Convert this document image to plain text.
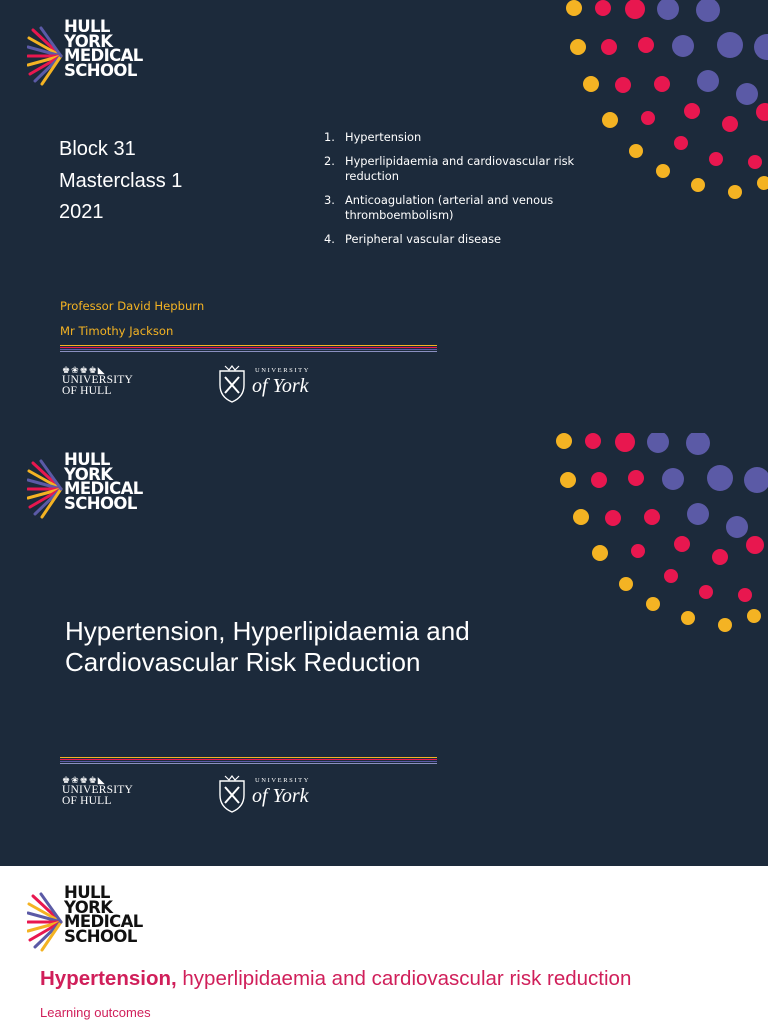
HULL
YORK
MEDICAL
SCHOOL
Block 31
Masterclass 1
2021
1. Hypertension
2. Hyperlipidaemia and cardiovascular risk reduction
3. Anticoagulation (arterial and venous thromboembolism)
4. Peripheral vascular disease
Professor David Hepburn
Mr Timothy Jackson
♚❀♚♚◣
UNIVERSITY
OF HULL
UNIVERSITY
of York
HULL
YORK
MEDICAL
SCHOOL
Hypertension, Hyperlipidaemia and
Cardiovascular Risk Reduction
♚❀♚♚◣
UNIVERSITY
OF HULL
UNIVERSITY
of York
HULL
YORK
MEDICAL
SCHOOL
Hypertension, hyperlipidaemia and cardiovascular risk reduction
Learning outcomes
